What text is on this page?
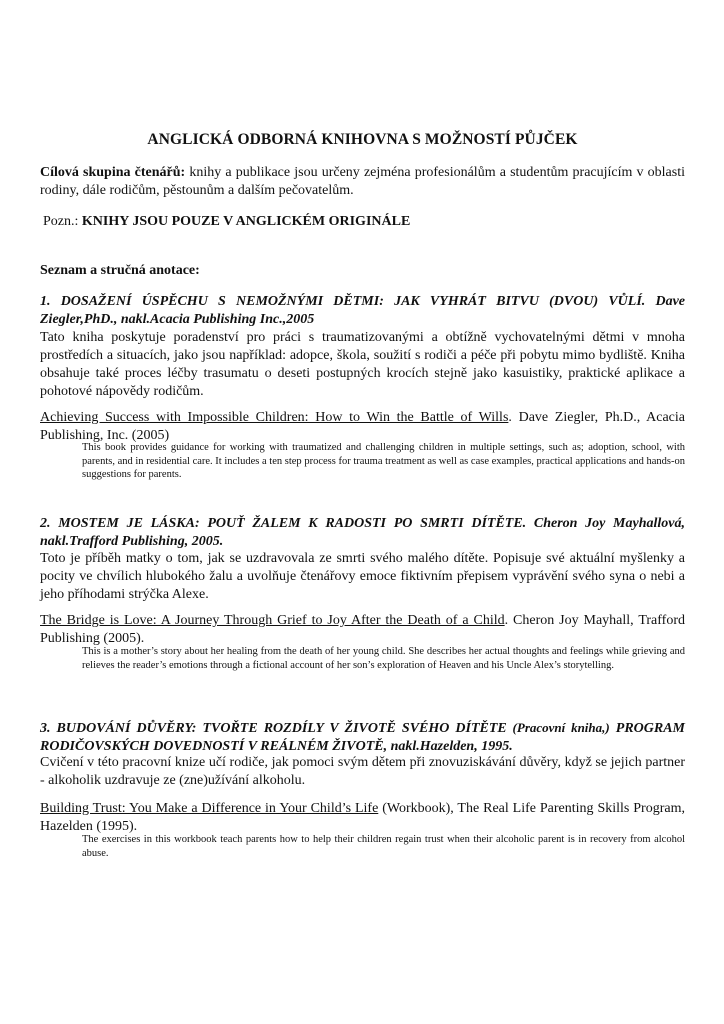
ANGLICKÁ ODBORNÁ KNIHOVNA S MOŽNOSTÍ PŮJČEK
Cílová skupina čtenářů: knihy a publikace jsou určeny zejména profesionálům a studentům pracujícím v oblasti rodiny, dále rodičům, pěstounům a dalším pečovatelům.
Pozn.: KNIHY JSOU POUZE V ANGLICKÉM ORIGINÁLE
Seznam a stručná anotace:
1. DOSAŽENÍ ÚSPĚCHU S NEMOŽNÝMI DĚTMI: JAK VYHRÁT BITVU (DVOU) VŮLÍ. Dave Ziegler,PhD., nakl.Acacia Publishing Inc.,2005
Tato kniha poskytuje poradenství pro práci s traumatizovanými a obtížně vychovatelnými dětmi v mnoha prostředích a situacích, jako jsou například: adopce, škola, soužití s rodiči a péče při pobytu mimo bydliště. Kniha obsahuje také proces léčby trasumatu o deseti postupných krocích stejně jako kasuistiky, praktické aplikace a pohotové nápovědy rodičům.
Achieving Success with Impossible Children: How to Win the Battle of Wills. Dave Ziegler, Ph.D., Acacia Publishing, Inc. (2005)
This book provides guidance for working with traumatized and challenging children in multiple settings, such as; adoption, school, with parents, and in residential care. It includes a ten step process for trauma treatment as well as case examples, practical applications and hands-on suggestions for parents.
2. MOSTEM JE LÁSKA: POUŤ ŽALEM K RADOSTI PO SMRTI DÍTĚTE. Cheron Joy Mayhallová, nakl.Trafford Publishing, 2005.
Toto je příběh matky o tom, jak se uzdravovala ze smrti svého malého dítěte. Popisuje své aktuální myšlenky a pocity ve chvílich hlubokého žalu a uvolňuje čtenářovy emoce fiktivním přepisem vyprávění svého syna o nebi a jeho příhodami strýčka Alexe.
The Bridge is Love: A Journey Through Grief to Joy After the Death of a Child. Cheron Joy Mayhall, Trafford Publishing (2005).
This is a mother’s story about her healing from the death of her young child. She describes her actual thoughts and feelings while grieving and relieves the reader’s emotions through a fictional account of her son’s exploration of Heaven and his Uncle Alex’s storytelling.
3. BUDOVÁNÍ DŮVĚRY: TVOŘTE ROZDÍLY V ŽIVOTĚ SVÉHO DÍTĚTE (Pracovní kniha,) PROGRAM RODIČOVSKÝCH DOVEDNOSTÍ V REÁLNÉM ŽIVOTĚ, nakl.Hazelden, 1995.
Cvičení v této pracovní knize učí rodiče, jak pomoci svým dětem při znovuziskávání důvěry, když se jejich partner - alkoholik uzdravuje ze (zne)užívání alkoholu.
Building Trust: You Make a Difference in Your Child’s Life (Workbook), The Real Life Parenting Skills Program, Hazelden (1995).
The exercises in this workbook teach parents how to help their children regain trust when their alcoholic parent is in recovery from alcohol abuse.
